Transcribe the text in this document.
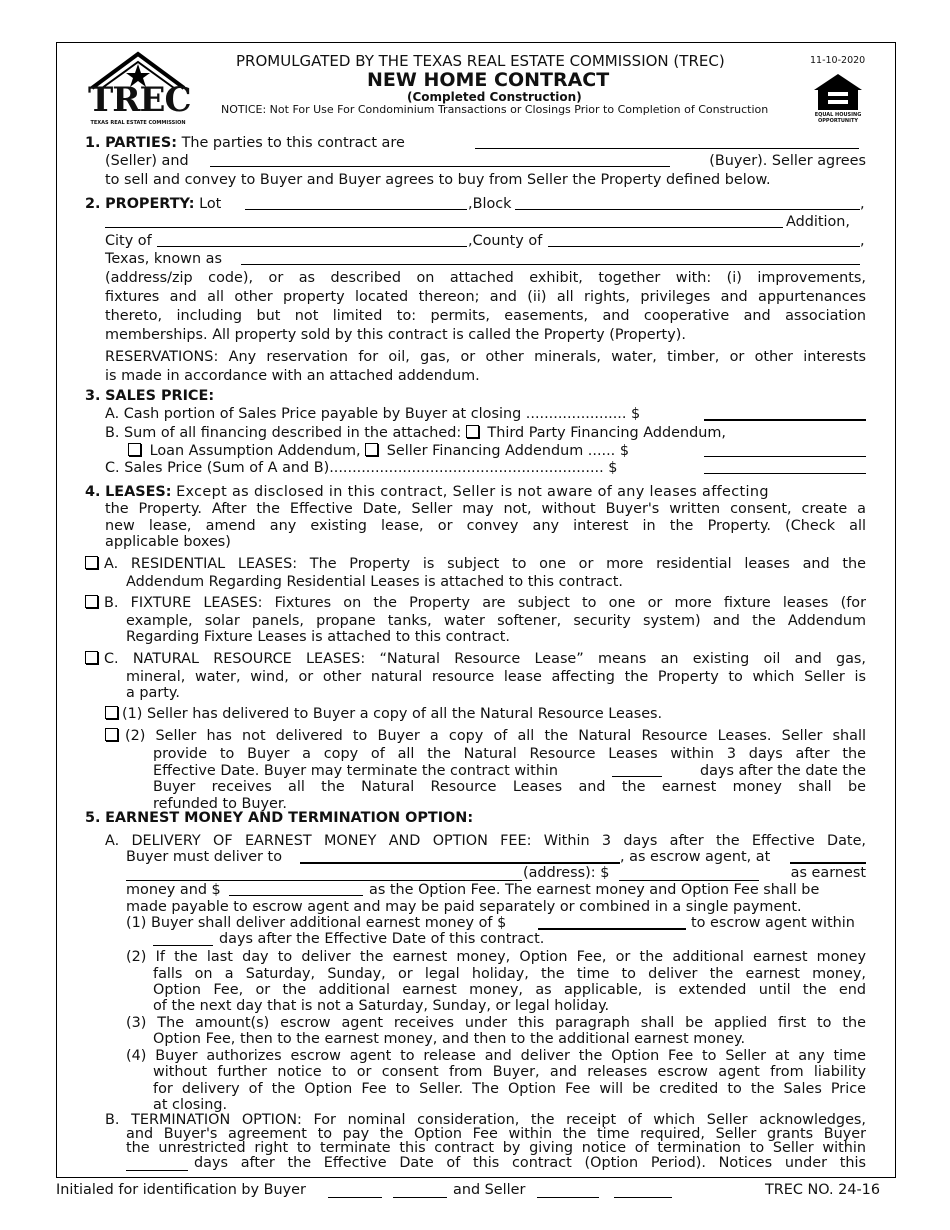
TREC
TEXAS REAL ESTATE COMMISSION
PROMULGATED BY THE TEXAS REAL ESTATE COMMISSION (TREC)
NEW HOME CONTRACT
(Completed Construction)
NOTICE: Not For Use For Condominium Transactions or Closings Prior to Completion of Construction
11-10-2020
EQUAL HOUSING OPPORTUNITY
1. PARTIES: The parties to this contract are
(Seller) and	(Buyer). Seller agrees
to sell and convey to Buyer and Buyer agrees to buy from Seller the Property defined below.
2. PROPERTY: Lot	,Block	,
Addition,
City of	,County of	,
Texas, known as
(address/zip code), or as described on attached exhibit, together with: (i) improvements,
fixtures and all other property located thereon; and (ii) all rights, privileges and appurtenances
thereto, including but not limited to: permits, easements, and cooperative and association
memberships. All property sold by this contract is called the Property (Property).
RESERVATIONS: Any reservation for oil, gas, or other minerals, water, timber, or other interests
is made in accordance with an attached addendum.
3. SALES PRICE:
A. Cash portion of Sales Price payable by Buyer at closing ...................... $
B. Sum of all financing described in the attached: Third Party Financing Addendum,
Loan Assumption Addendum, Seller Financing Addendum ...... $
C. Sales Price (Sum of A and B)............................................................ $
4. LEASES: Except as disclosed in this contract, Seller is not aware of any leases affecting
the Property. After the Effective Date, Seller may not, without Buyer's written consent, create a
new lease, amend any existing lease, or convey any interest in the Property. (Check all
applicable boxes)
A. RESIDENTIAL LEASES: The Property is subject to one or more residential leases and the
Addendum Regarding Residential Leases is attached to this contract.
B. FIXTURE LEASES: Fixtures on the Property are subject to one or more fixture leases (for
example, solar panels, propane tanks, water softener, security system) and the Addendum
Regarding Fixture Leases is attached to this contract.
C. NATURAL RESOURCE LEASES: “Natural Resource Lease” means an existing oil and gas,
mineral, water, wind, or other natural resource lease affecting the Property to which Seller is
a party.
(1) Seller has delivered to Buyer a copy of all the Natural Resource Leases.
(2) Seller has not delivered to Buyer a copy of all the Natural Resource Leases. Seller shall
provide to Buyer a copy of all the Natural Resource Leases within 3 days after the
Effective Date. Buyer may terminate the contract within	days after the date the
Buyer receives all the Natural Resource Leases and the earnest money shall be
refunded to Buyer.
5. EARNEST MONEY AND TERMINATION OPTION:
A. DELIVERY OF EARNEST MONEY AND OPTION FEE: Within 3 days after the Effective Date,
Buyer must deliver to	, as escrow agent, at
(address): $	as earnest
money and $	as the Option Fee. The earnest money and Option Fee shall be
made payable to escrow agent and may be paid separately or combined in a single payment.
(1) Buyer shall deliver additional earnest money of $	to escrow agent within
days after the Effective Date of this contract.
(2) If the last day to deliver the earnest money, Option Fee, or the additional earnest money
falls on a Saturday, Sunday, or legal holiday, the time to deliver the earnest money,
Option Fee, or the additional earnest money, as applicable, is extended until the end
of the next day that is not a Saturday, Sunday, or legal holiday.
(3) The amount(s) escrow agent receives under this paragraph shall be applied first to the
Option Fee, then to the earnest money, and then to the additional earnest money.
(4) Buyer authorizes escrow agent to release and deliver the Option Fee to Seller at any time
without further notice to or consent from Buyer, and releases escrow agent from liability
for delivery of the Option Fee to Seller. The Option Fee will be credited to the Sales Price
at closing.
B. TERMINATION OPTION: For nominal consideration, the receipt of which Seller acknowledges,
and Buyer's agreement to pay the Option Fee within the time required, Seller grants Buyer
the unrestricted right to terminate this contract by giving notice of termination to Seller within
days after the Effective Date of this contract (Option Period). Notices under this
Initialed for identification by Buyer	and Seller	TREC NO. 24-16
